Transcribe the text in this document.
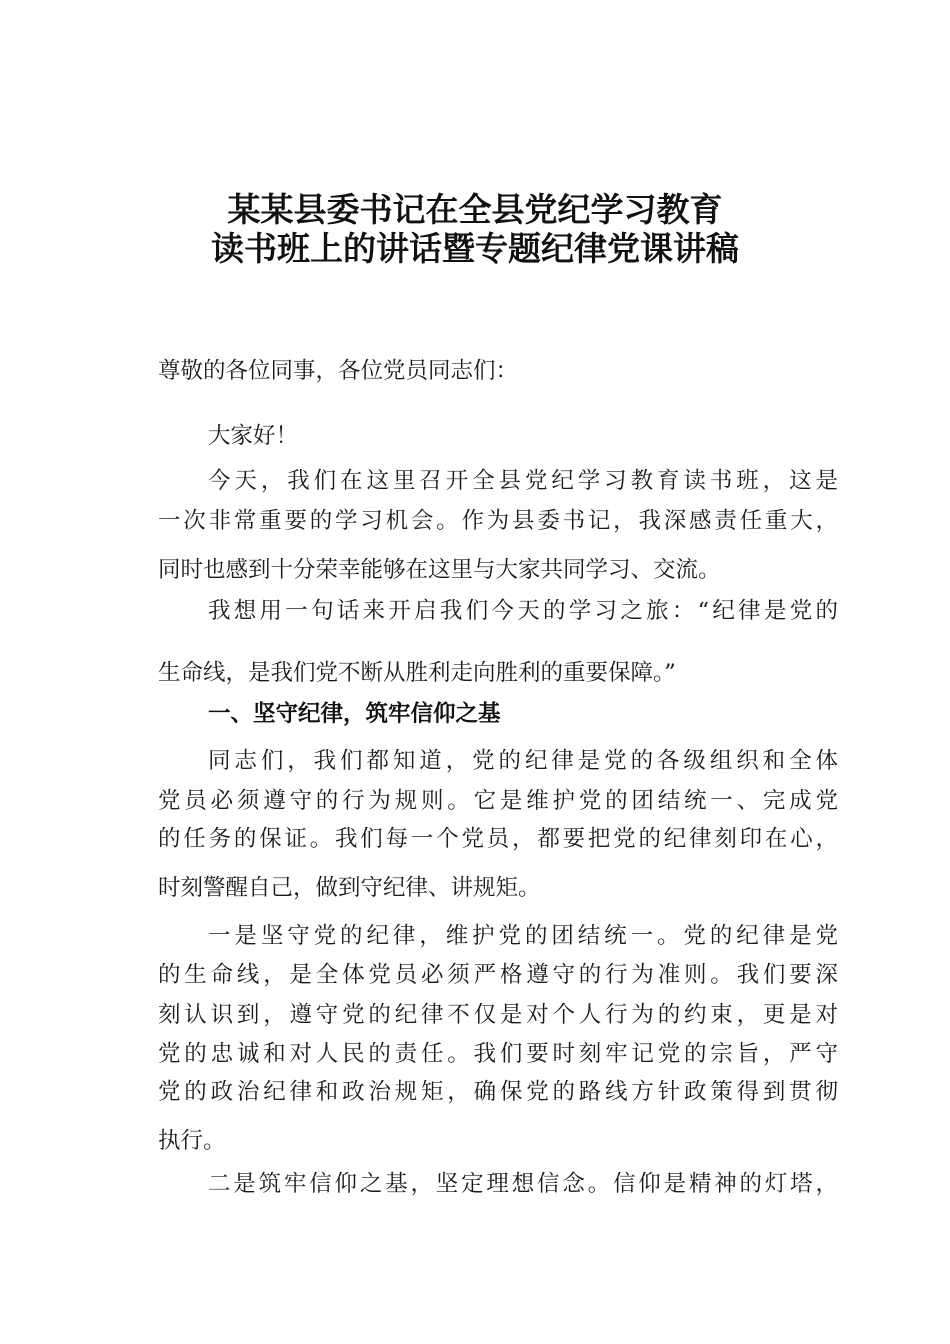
某某县委书记在全县党纪学习教育
读书班上的讲话暨专题纪律党课讲稿
尊敬的各位同事，各位党员同志们：
大家好！
今天，我们在这里召开全县党纪学习教育读书班，这是
一次非常重要的学习机会。作为县委书记，我深感责任重大，
同时也感到十分荣幸能够在这里与大家共同学习、交流。
我想用一句话来开启我们今天的学习之旅：“纪律是党的
生命线，是我们党不断从胜利走向胜利的重要保障。”
一、坚守纪律，筑牢信仰之基
同志们，我们都知道，党的纪律是党的各级组织和全体
党员必须遵守的行为规则。它是维护党的团结统一、完成党
的任务的保证。我们每一个党员，都要把党的纪律刻印在心，
时刻警醒自己，做到守纪律、讲规矩。
一是坚守党的纪律，维护党的团结统一。党的纪律是党
的生命线，是全体党员必须严格遵守的行为准则。我们要深
刻认识到，遵守党的纪律不仅是对个人行为的约束，更是对
党的忠诚和对人民的责任。我们要时刻牢记党的宗旨，严守
党的政治纪律和政治规矩，确保党的路线方针政策得到贯彻
执行。
二是筑牢信仰之基，坚定理想信念。信仰是精神的灯塔，
